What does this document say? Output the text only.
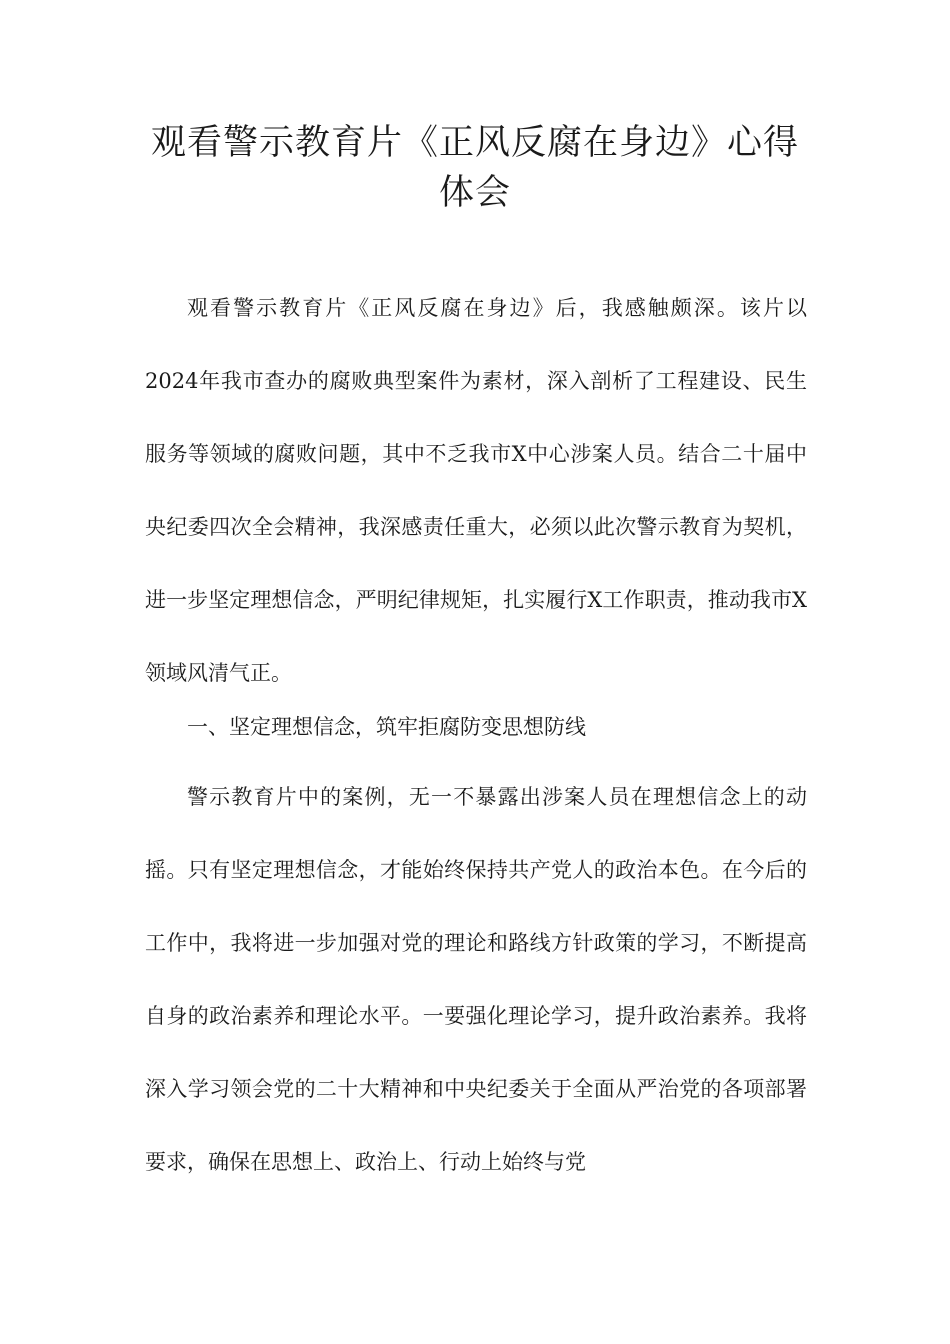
观看警示教育片《正风反腐在身边》心得体会

观看警示教育片《正风反腐在身边》后，我感触颇深。该片以2024年我市查办的腐败典型案件为素材，深入剖析了工程建设、民生服务等领域的腐败问题，其中不乏我市X中心涉案人员。结合二十届中央纪委四次全会精神，我深感责任重大，必须以此次警示教育为契机，进一步坚定理想信念，严明纪律规矩，扎实履行X工作职责，推动我市X领域风清气正。

一、坚定理想信念，筑牢拒腐防变思想防线

警示教育片中的案例，无一不暴露出涉案人员在理想信念上的动摇。只有坚定理想信念，才能始终保持共产党人的政治本色。在今后的工作中，我将进一步加强对党的理论和路线方针政策的学习，不断提高自身的政治素养和理论水平。一要强化理论学习，提升政治素养。我将深入学习领会党的二十大精神和中央纪委关于全面从严治党的各项部署要求，确保在思想上、政治上、行动上始终与党
